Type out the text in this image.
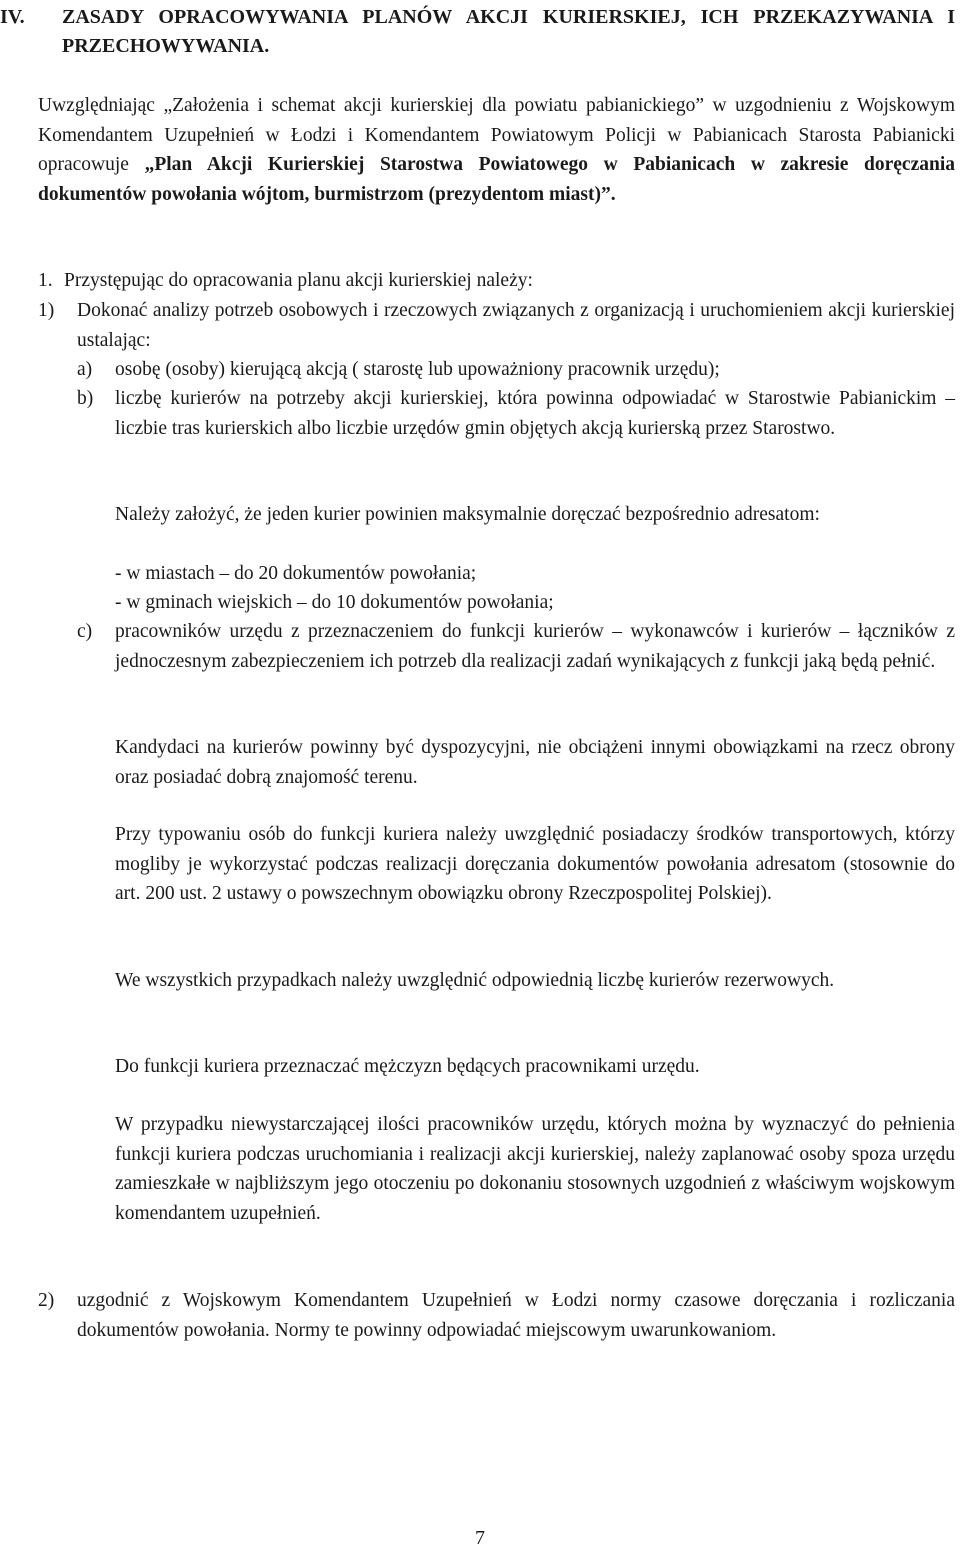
IV. ZASADY OPRACOWYWANIA PLANÓW AKCJI KURIERSKIEJ, ICH PRZEKAZYWANIA I PRZECHOWYWANIA.
Uwzględniając „Założenia i schemat akcji kurierskiej dla powiatu pabianickiego” w uzgodnieniu z Wojskowym Komendantem Uzupełnień w Łodzi i Komendantem Powiatowym Policji w Pabianicach Starosta Pabianicki opracowuje „Plan Akcji Kurierskiej Starostwa Powiatowego w Pabianicach w zakresie doręczania dokumentów powołania wójtom, burmistrzom (prezydentom miast)”.
1. Przystępując do opracowania planu akcji kurierskiej należy:
1) Dokonać analizy potrzeb osobowych i rzeczowych związanych z organizacją i uruchomieniem akcji kurierskiej ustalając:
a) osobę (osoby) kierującą akcją ( starostę lub upoważniony pracownik urzędu);
b) liczbę kurierów na potrzeby akcji kurierskiej, która powinna odpowiadać w Starostwie Pabianickim – liczbie tras kurierskich albo liczbie urzędów gmin objętych akcją kurierską przez Starostwo.
Należy założyć, że jeden kurier powinien maksymalnie doręczać bezpośrednio adresatom:
- w miastach – do 20 dokumentów powołania;
- w gminach wiejskich – do 10 dokumentów powołania;
c) pracowników urzędu z przeznaczeniem do funkcji kurierów – wykonawców i kurierów – łączników z jednoczesnym zabezpieczeniem ich potrzeb dla realizacji zadań wynikających z funkcji jaką będą pełnić.
Kandydaci na kurierów powinny być dyspozycyjni, nie obciążeni innymi obowiązkami na rzecz obrony oraz posiadać dobrą znajomość terenu.
Przy typowaniu osób do funkcji kuriera należy uwzględnić posiadaczy środków transportowych, którzy mogliby je wykorzystać podczas realizacji doręczania dokumentów powołania adresatom (stosownie do art. 200 ust. 2 ustawy o powszechnym obowiązku obrony Rzeczpospolitej Polskiej).
We wszystkich przypadkach należy uwzględnić odpowiednią liczbę kurierów rezerwowych.
Do funkcji kuriera przeznaczać mężczyzn będących pracownikami urzędu.
W przypadku niewystarczającej ilości pracowników urzędu, których można by wyznaczyć do pełnienia funkcji kuriera podczas uruchomiania i realizacji akcji kurierskiej, należy zaplanować osoby spoza urzędu zamieszkałe w najbliższym jego otoczeniu po dokonaniu stosownych uzgodnień z właściwym wojskowym komendantem uzupełnień.
2) uzgodnić z Wojskowym Komendantem Uzupełnień w Łodzi normy czasowe doręczania i rozliczania dokumentów powołania. Normy te powinny odpowiadać miejscowym uwarunkowaniom.
7
